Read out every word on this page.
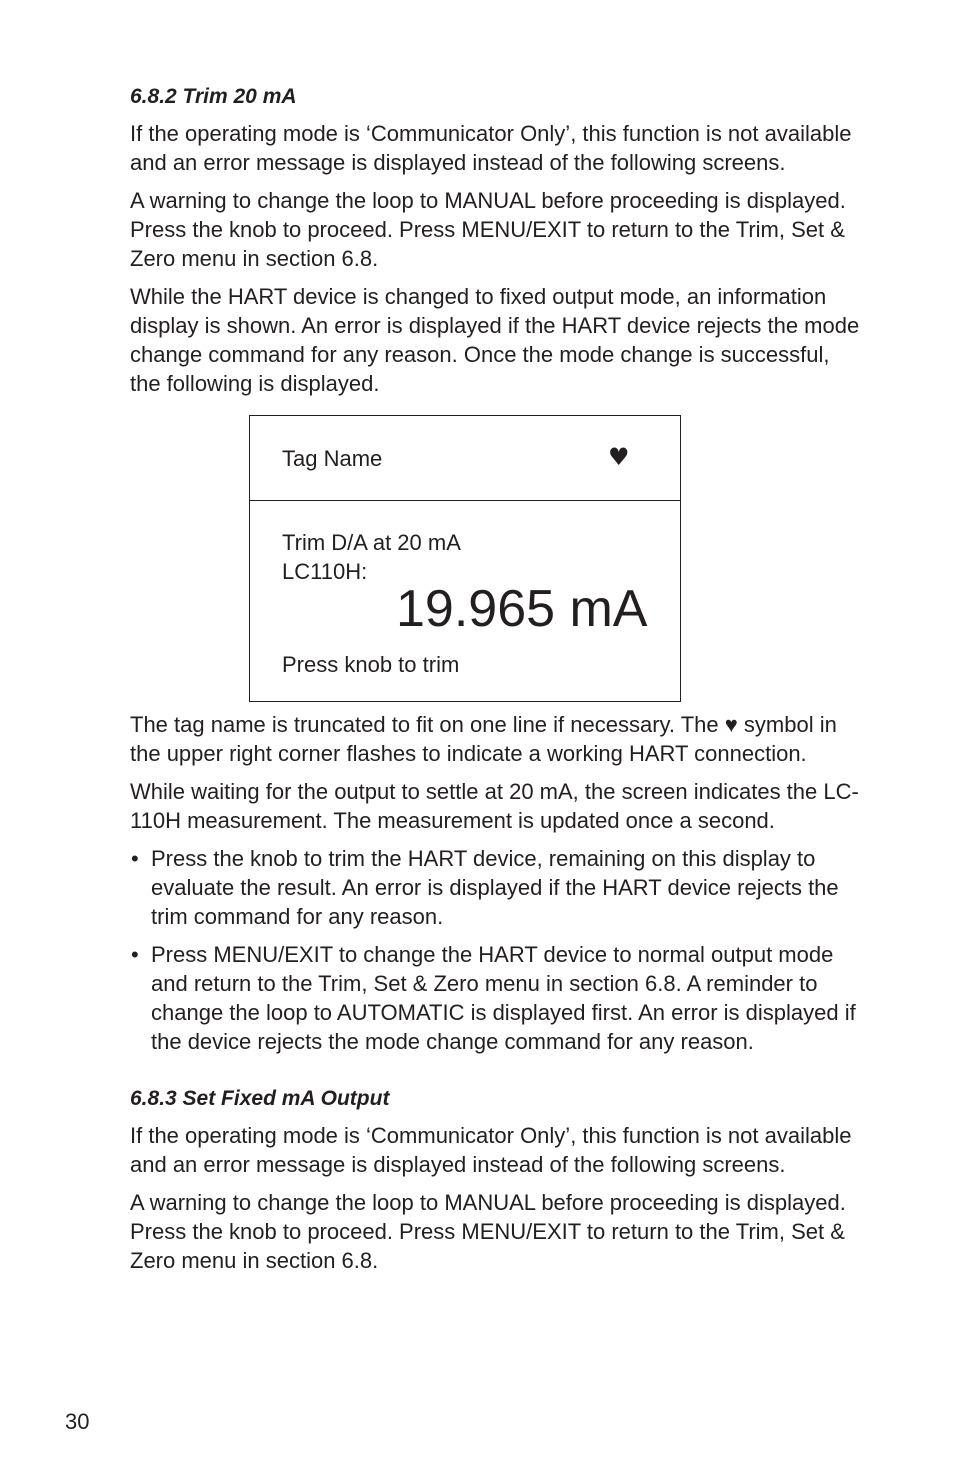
6.8.2 Trim 20 mA

If the operating mode is ‘Communicator Only’, this function is not available and an error message is displayed instead of the following screens.

A warning to change the loop to MANUAL before proceeding is displayed. Press the knob to proceed. Press MENU/EXIT to return to the Trim, Set & Zero menu in section 6.8.

While the HART device is changed to fixed output mode, an information display is shown. An error is displayed if the HART device rejects the mode change command for any reason. Once the mode change is successful, the following is displayed.

Tag Name	♥
Trim D/A at 20 mA
LC110H:
19.965 mA
Press knob to trim

The tag name is truncated to fit on one line if necessary. The ♥ symbol in the upper right corner flashes to indicate a working HART connection.

While waiting for the output to settle at 20 mA, the screen indicates the LC-110H measurement. The measurement is updated once a second.

• Press the knob to trim the HART device, remaining on this display to evaluate the result. An error is displayed if the HART device rejects the trim command for any reason.
• Press MENU/EXIT to change the HART device to normal output mode and return to the Trim, Set & Zero menu in section 6.8. A reminder to change the loop to AUTOMATIC is displayed first. An error is displayed if the device rejects the mode change command for any reason.
6.8.3 Set Fixed mA Output

If the operating mode is ‘Communicator Only’, this function is not available and an error message is displayed instead of the following screens.

A warning to change the loop to MANUAL before proceeding is displayed. Press the knob to proceed. Press MENU/EXIT to return to the Trim, Set & Zero menu in section 6.8.

30
